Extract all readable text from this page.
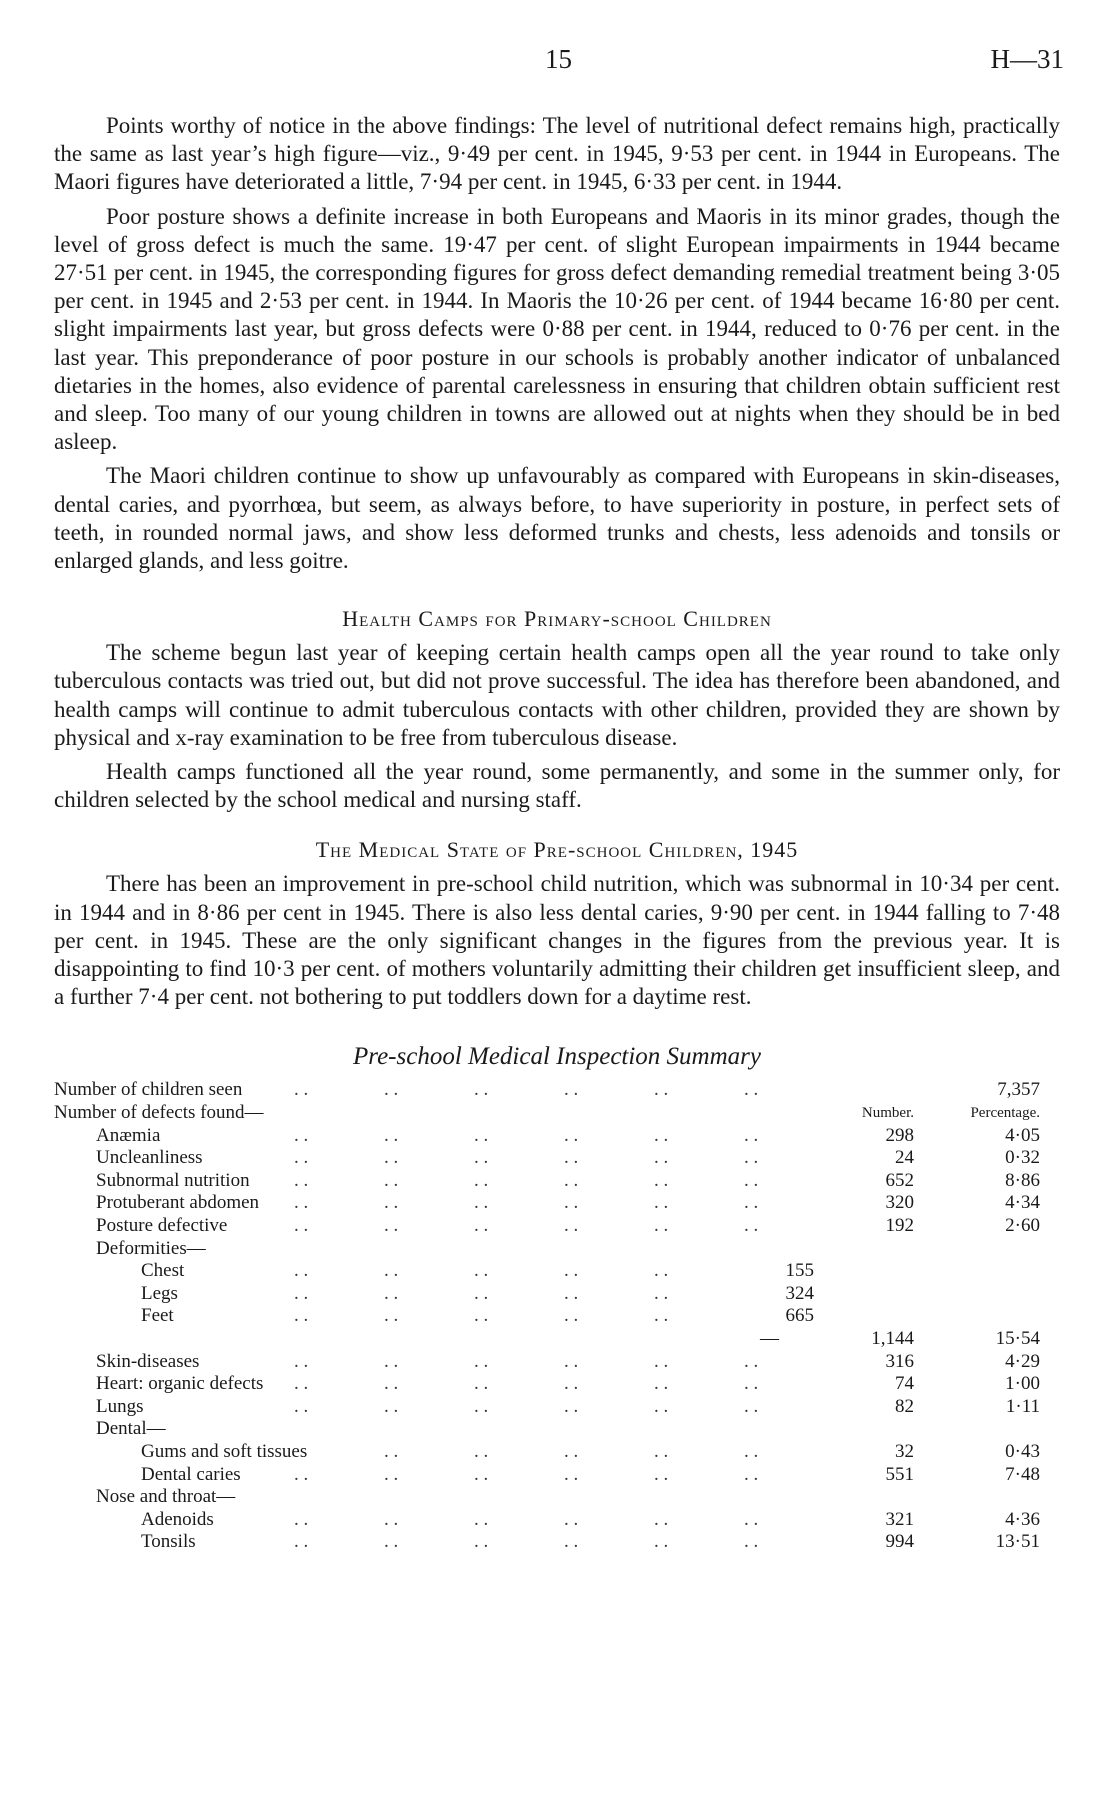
15	H—31

Points worthy of notice in the above findings: The level of nutritional defect remains high, practically the same as last year’s high figure—viz., 9·49 per cent. in 1945, 9·53 per cent. in 1944 in Europeans. The Maori figures have deteriorated a little, 7·94 per cent. in 1945, 6·33 per cent. in 1944.

Poor posture shows a definite increase in both Europeans and Maoris in its minor grades, though the level of gross defect is much the same. 19·47 per cent. of slight European impairments in 1944 became 27·51 per cent. in 1945, the corresponding figures for gross defect demanding remedial treatment being 3·05 per cent. in 1945 and 2·53 per cent. in 1944. In Maoris the 10·26 per cent. of 1944 became 16·80 per cent. slight impairments last year, but gross defects were 0·88 per cent. in 1944, reduced to 0·76 per cent. in the last year. This preponderance of poor posture in our schools is probably another indicator of unbalanced dietaries in the homes, also evidence of parental carelessness in ensuring that children obtain sufficient rest and sleep. Too many of our young children in towns are allowed out at nights when they should be in bed asleep.

The Maori children continue to show up unfavourably as compared with Europeans in skin-diseases, dental caries, and pyorrhœa, but seem, as always before, to have superiority in posture, in perfect sets of teeth, in rounded normal jaws, and show less deformed trunks and chests, less adenoids and tonsils or enlarged glands, and less goitre.

Health Camps for Primary-school Children

The scheme begun last year of keeping certain health camps open all the year round to take only tuberculous contacts was tried out, but did not prove successful. The idea has therefore been abandoned, and health camps will continue to admit tuberculous contacts with other children, provided they are shown by physical and x-ray examination to be free from tuberculous disease.

Health camps functioned all the year round, some permanently, and some in the summer only, for children selected by the school medical and nursing staff.

The Medical State of Pre-school Children, 1945

There has been an improvement in pre-school child nutrition, which was subnormal in 10·34 per cent. in 1944 and in 8·86 per cent in 1945. There is also less dental caries, 9·90 per cent. in 1944 falling to 7·48 per cent. in 1945. These are the only significant changes in the figures from the previous year. It is disappointing to find 10·3 per cent. of mothers voluntarily admitting their children get insufficient sleep, and a further 7·4 per cent. not bothering to put toddlers down for a daytime rest.

Pre-school Medical Inspection Summary
Number of children seen	. .	. .	. .	. .	. .	. .	7,357
Number of defects found—	Number.	Percentage.
Anæmia	. .	. .	. .	. .	. .	. .	298	4·05
Uncleanliness	. .	. .	. .	. .	. .	. .	24	0·32
Subnormal nutrition . .	. .	. .	. .	. .	. .	652	8·86
Protuberant abdomen . .	. .	. .	. .	. .	. .	320	4·34
Posture defective	. .	. .	. .	. .	. .	. .	192	2·60
Deformities—
Chest	. .	. .	. .	. .	. .	155
Legs	. .	. .	. .	. .	. .	324
Feet	. .	. .	. .	. .	. .	665
—	1,144	15·54
Skin-diseases	. .	. .	. .	. .	. .	. .	316	4·29
Heart: organic defects . .	. .	. .	. .	. .	. .	74	1·00
Lungs	. .	. .	. .	. .	. .	. .	82	1·11
Dental—
Gums and soft tissues	. .	. .	. .	. .	. .	32	0·43
Dental caries	. .	. .	. .	. .	. .	. .	551	7·48
Nose and throat—
Adenoids	. .	. .	. .	. .	. .	. .	321	4·36
Tonsils	. .	. .	. .	. .	. .	. .	994	13·51
